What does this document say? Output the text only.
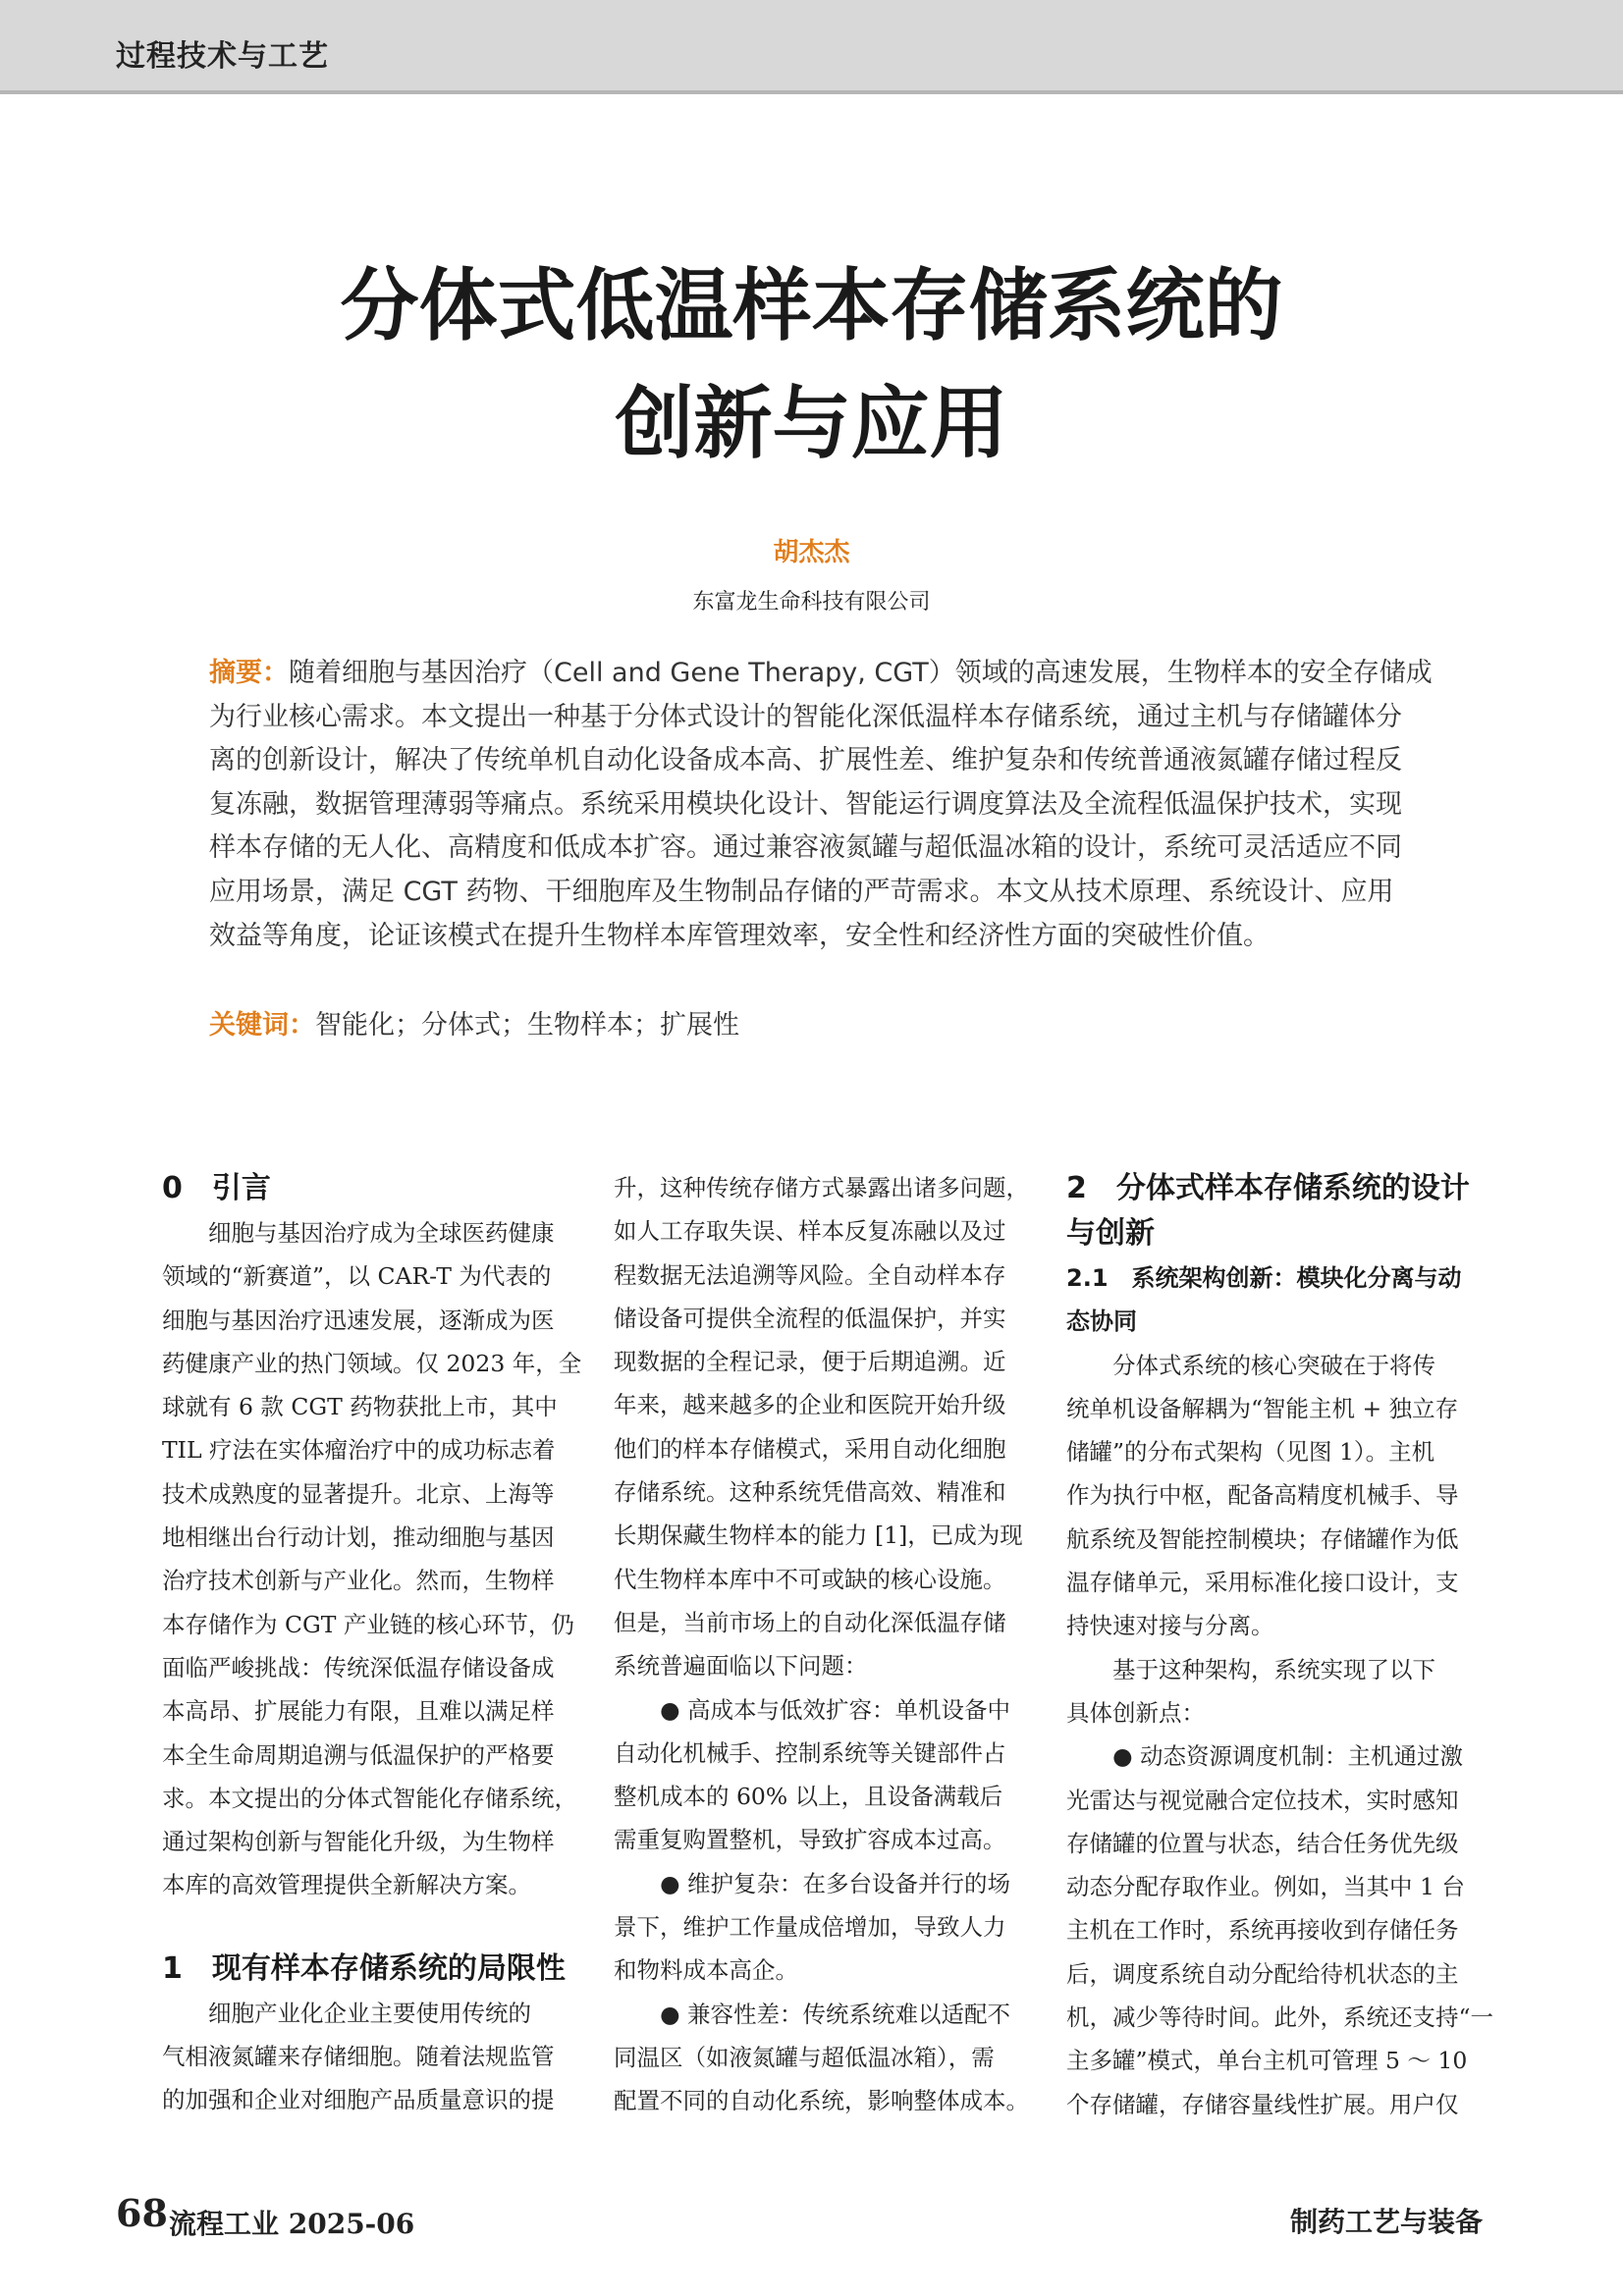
过程技术与工艺
分体式低温样本存储系统的
创新与应用
胡杰杰
东富龙生命科技有限公司
摘要：随着细胞与基因治疗（Cell and Gene Therapy, CGT）领域的高速发展，生物样本的安全存储成
为行业核心需求。本文提出一种基于分体式设计的智能化深低温样本存储系统，通过主机与存储罐体分
离的创新设计，解决了传统单机自动化设备成本高、扩展性差、维护复杂和传统普通液氮罐存储过程反
复冻融，数据管理薄弱等痛点。系统采用模块化设计、智能运行调度算法及全流程低温保护技术，实现
样本存储的无人化、高精度和低成本扩容。通过兼容液氮罐与超低温冰箱的设计，系统可灵活适应不同
应用场景，满足 CGT 药物、干细胞库及生物制品存储的严苛需求。本文从技术原理、系统设计、应用
效益等角度，论证该模式在提升生物样本库管理效率，安全性和经济性方面的突破性价值。
关键词：智能化；分体式；生物样本；扩展性
0　引言
　　细胞与基因治疗成为全球医药健康
领域的“新赛道”，以 CAR-T 为代表的
细胞与基因治疗迅速发展，逐渐成为医
药健康产业的热门领域。仅 2023 年，全
球就有 6 款 CGT 药物获批上市，其中
TIL 疗法在实体瘤治疗中的成功标志着
技术成熟度的显著提升。北京、上海等
地相继出台行动计划，推动细胞与基因
治疗技术创新与产业化。然而，生物样
本存储作为 CGT 产业链的核心环节，仍
面临严峻挑战：传统深低温存储设备成
本高昂、扩展能力有限，且难以满足样
本全生命周期追溯与低温保护的严格要
求。本文提出的分体式智能化存储系统，
通过架构创新与智能化升级，为生物样
本库的高效管理提供全新解决方案。
1　现有样本存储系统的局限性
　　细胞产业化企业主要使用传统的
气相液氮罐来存储细胞。随着法规监管
的加强和企业对细胞产品质量意识的提
升，这种传统存储方式暴露出诸多问题，
如人工存取失误、样本反复冻融以及过
程数据无法追溯等风险。全自动样本存
储设备可提供全流程的低温保护，并实
现数据的全程记录，便于后期追溯。近
年来，越来越多的企业和医院开始升级
他们的样本存储模式，采用自动化细胞
存储系统。这种系统凭借高效、精准和
长期保藏生物样本的能力 [1]，已成为现
代生物样本库中不可或缺的核心设施。
但是，当前市场上的自动化深低温存储
系统普遍面临以下问题：
　　● 高成本与低效扩容：单机设备中
自动化机械手、控制系统等关键部件占
整机成本的 60% 以上，且设备满载后
需重复购置整机，导致扩容成本过高。
　　● 维护复杂：在多台设备并行的场
景下，维护工作量成倍增加，导致人力
和物料成本高企。
　　● 兼容性差：传统系统难以适配不
同温区（如液氮罐与超低温冰箱），需
配置不同的自动化系统，影响整体成本。
2　分体式样本存储系统的设计
与创新
2.1　系统架构创新：模块化分离与动
态协同
　　分体式系统的核心突破在于将传
统单机设备解耦为“智能主机 + 独立存
储罐”的分布式架构（见图 1）。主机
作为执行中枢，配备高精度机械手、导
航系统及智能控制模块；存储罐作为低
温存储单元，采用标准化接口设计，支
持快速对接与分离。
　　基于这种架构，系统实现了以下
具体创新点：
　　● 动态资源调度机制：主机通过激
光雷达与视觉融合定位技术，实时感知
存储罐的位置与状态，结合任务优先级
动态分配存取作业。例如，当其中 1 台
主机在工作时，系统再接收到存储任务
后，调度系统自动分配给待机状态的主
机，减少等待时间。此外，系统还支持“一
主多罐”模式，单台主机可管理 5 ～ 10
个存储罐，存储容量线性扩展。用户仅
68 流程工业 2025-06	制药工艺与装备
